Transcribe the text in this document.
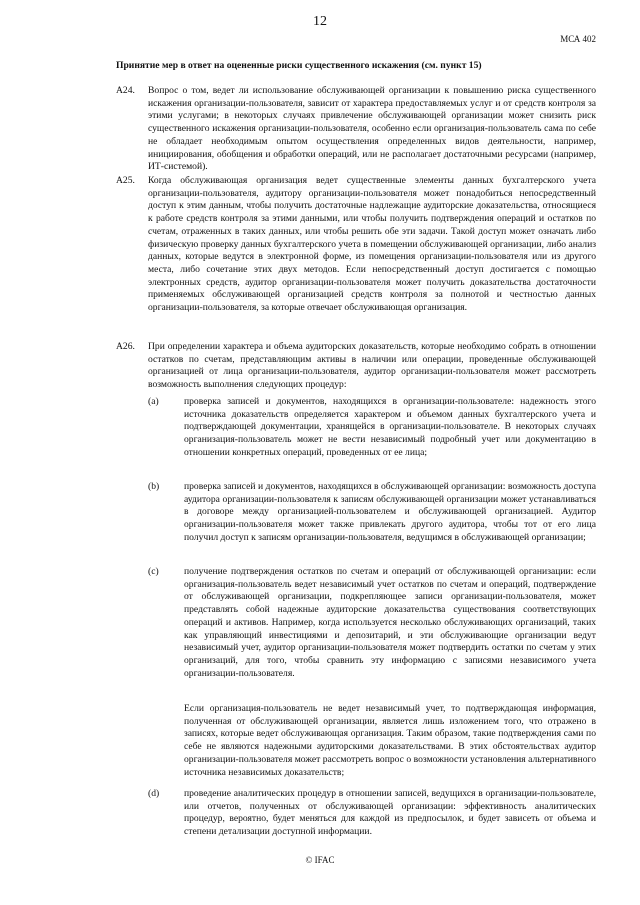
12
МСА 402
Принятие мер в ответ на оцененные риски существенного искажения (см. пункт 15)
A24.	Вопрос о том, ведет ли использование обслуживающей организации к повышению риска существенного искажения организации-пользователя, зависит от характера предоставляемых услуг и от средств контроля за этими услугами; в некоторых случаях привлечение обслуживающей организации может снизить риск существенного искажения организации-пользователя, особенно если организация-пользователь сама по себе не обладает необходимым опытом осуществления определенных видов деятельности, например, инициирования, обобщения и обработки операций, или не располагает достаточными ресурсами (например, ИТ-системой).
A25.	Когда обслуживающая организация ведет существенные элементы данных бухгалтерского учета организации-пользователя, аудитору организации-пользователя может понадобиться непосредственный доступ к этим данным, чтобы получить достаточные надлежащие аудиторские доказательства, относящиеся к работе средств контроля за этими данными, или чтобы получить подтверждения операций и остатков по счетам, отраженных в таких данных, или чтобы решить обе эти задачи. Такой доступ может означать либо физическую проверку данных бухгалтерского учета в помещении обслуживающей организации, либо анализ данных, которые ведутся в электронной форме, из помещения организации-пользователя или из другого места, либо сочетание этих двух методов. Если непосредственный доступ достигается с помощью электронных средств, аудитор организации-пользователя может получить доказательства достаточности применяемых обслуживающей организацией средств контроля за полнотой и честностью данных организации-пользователя, за которые отвечает обслуживающая организация.
A26.	При определении характера и объема аудиторских доказательств, которые необходимо собрать в отношении остатков по счетам, представляющим активы в наличии или операции, проведенные обслуживающей организацией от лица организации-пользователя, аудитор организации-пользователя может рассмотреть возможность выполнения следующих процедур:
(a)	проверка записей и документов, находящихся в организации-пользователе: надежность этого источника доказательств определяется характером и объемом данных бухгалтерского учета и подтверждающей документации, хранящейся в организации-пользователе. В некоторых случаях организация-пользователь может не вести независимый подробный учет или документацию в отношении конкретных операций, проведенных от ее лица;
(b)	проверка записей и документов, находящихся в обслуживающей организации: возможность доступа аудитора организации-пользователя к записям обслуживающей организации может устанавливаться в договоре между организацией-пользователем и обслуживающей организацией. Аудитор организации-пользователя может также привлекать другого аудитора, чтобы тот от его лица получил доступ к записям организации-пользователя, ведущимся в обслуживающей организации;
(c)	получение подтверждения остатков по счетам и операций от обслуживающей организации: если организация-пользователь ведет независимый учет остатков по счетам и операций, подтверждение от обслуживающей организации, подкрепляющее записи организации-пользователя, может представлять собой надежные аудиторские доказательства существования соответствующих операций и активов. Например, когда используется несколько обслуживающих организаций, таких как управляющий инвестициями и депозитарий, и эти обслуживающие организации ведут независимый учет, аудитор организации-пользователя может подтвердить остатки по счетам у этих организаций, для того, чтобы сравнить эту информацию с записями независимого учета организации-пользователя.
Если организация-пользователь не ведет независимый учет, то подтверждающая информация, полученная от обслуживающей организации, является лишь изложением того, что отражено в записях, которые ведет обслуживающая организация. Таким образом, такие подтверждения сами по себе не являются надежными аудиторскими доказательствами. В этих обстоятельствах аудитор организации-пользователя может рассмотреть вопрос о возможности установления альтернативного источника независимых доказательств;
(d)	проведение аналитических процедур в отношении записей, ведущихся в организации-пользователе, или отчетов, полученных от обслуживающей организации: эффективность аналитических процедур, вероятно, будет меняться для каждой из предпосылок, и будет зависеть от объема и степени детализации доступной информации.
© IFAC
